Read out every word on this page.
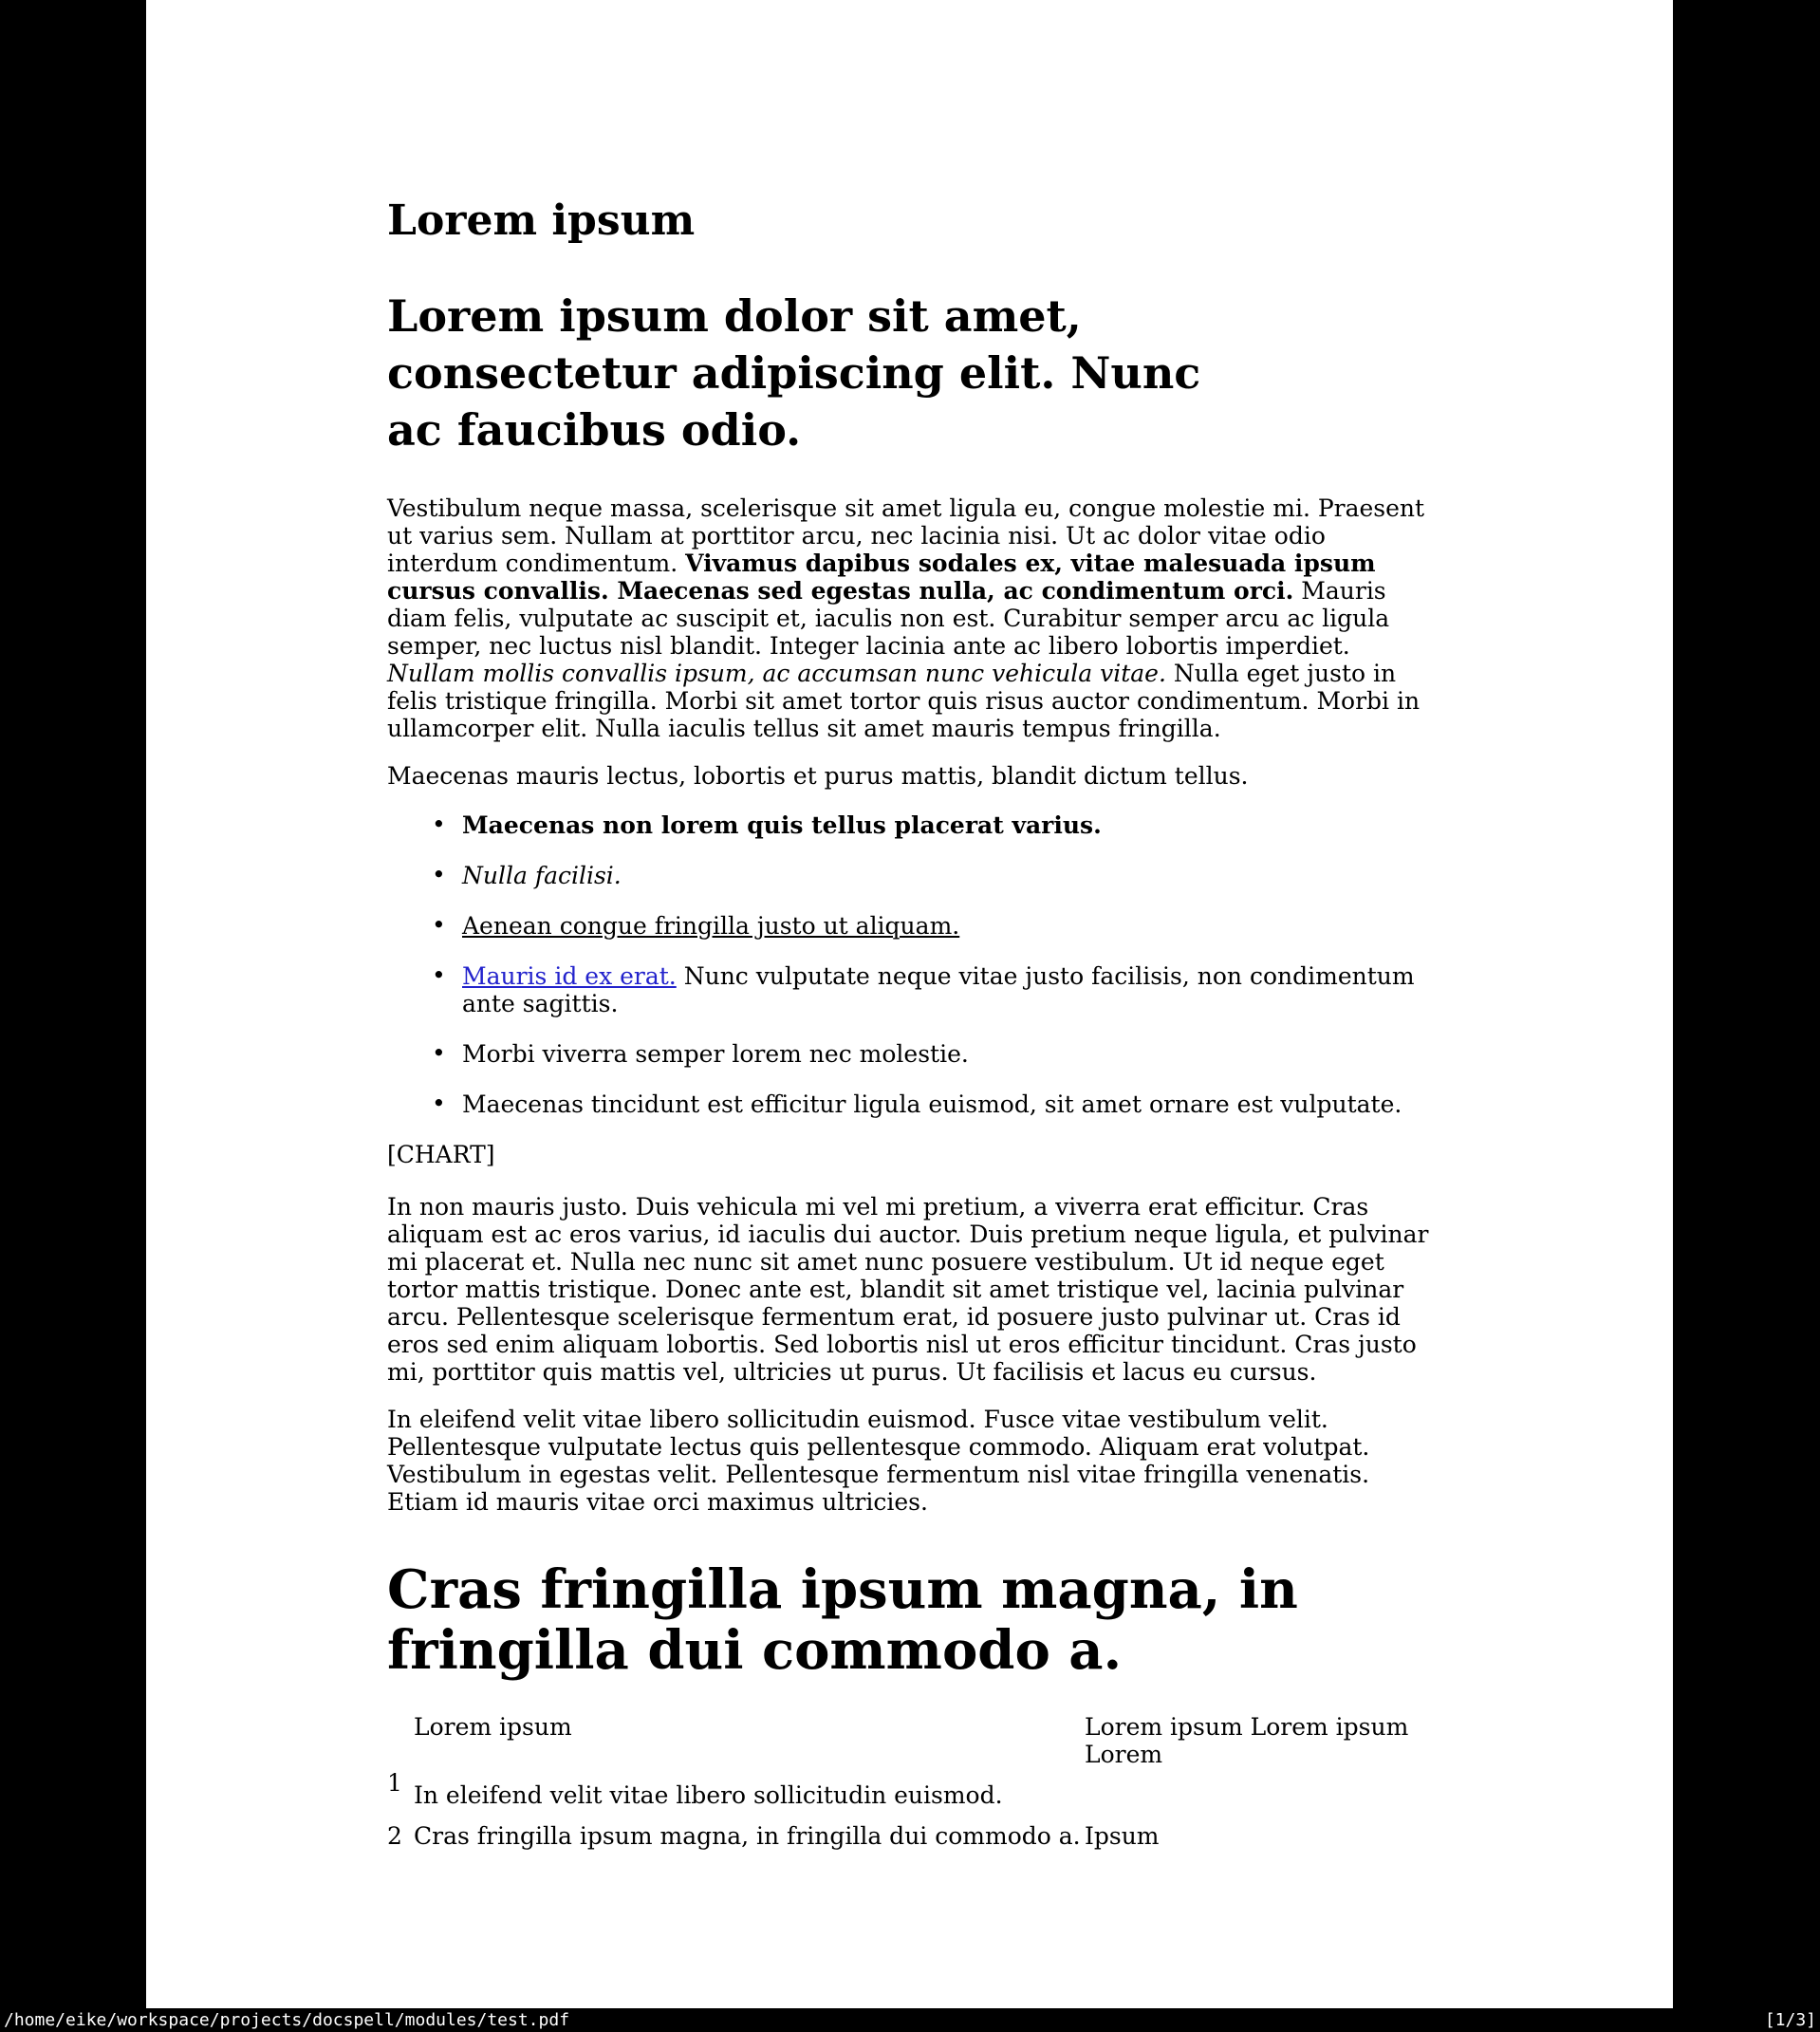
Lorem ipsum
Lorem ipsum dolor sit amet, consectetur adipiscing elit. Nunc ac faucibus odio.

Vestibulum neque massa, scelerisque sit amet ligula eu, congue molestie mi. Praesent ut varius sem. Nullam at porttitor arcu, nec lacinia nisi. Ut ac dolor vitae odio interdum condimentum. Vivamus dapibus sodales ex, vitae malesuada ipsum cursus convallis. Maecenas sed egestas nulla, ac condimentum orci. Mauris diam felis, vulputate ac suscipit et, iaculis non est. Curabitur semper arcu ac ligula semper, nec luctus nisl blandit. Integer lacinia ante ac libero lobortis imperdiet. Nullam mollis convallis ipsum, ac accumsan nunc vehicula vitae. Nulla eget justo in felis tristique fringilla. Morbi sit amet tortor quis risus auctor condimentum. Morbi in ullamcorper elit. Nulla iaculis tellus sit amet mauris tempus fringilla.

Maecenas mauris lectus, lobortis et purus mattis, blandit dictum tellus.

• Maecenas non lorem quis tellus placerat varius.
• Nulla facilisi.
• Aenean congue fringilla justo ut aliquam.
• Mauris id ex erat. Nunc vulputate neque vitae justo facilisis, non condimentum ante sagittis.
• Morbi viverra semper lorem nec molestie.
• Maecenas tincidunt est efficitur ligula euismod, sit amet ornare est vulputate.

[CHART]

In non mauris justo. Duis vehicula mi vel mi pretium, a viverra erat efficitur. Cras aliquam est ac eros varius, id iaculis dui auctor. Duis pretium neque ligula, et pulvinar mi placerat et. Nulla nec nunc sit amet nunc posuere vestibulum. Ut id neque eget tortor mattis tristique. Donec ante est, blandit sit amet tristique vel, lacinia pulvinar arcu. Pellentesque scelerisque fermentum erat, id posuere justo pulvinar ut. Cras id eros sed enim aliquam lobortis. Sed lobortis nisl ut eros efficitur tincidunt. Cras justo mi, porttitor quis mattis vel, ultricies ut purus. Ut facilisis et lacus eu cursus.

In eleifend velit vitae libero sollicitudin euismod. Fusce vitae vestibulum velit. Pellentesque vulputate lectus quis pellentesque commodo. Aliquam erat volutpat. Vestibulum in egestas velit. Pellentesque fermentum nisl vitae fringilla venenatis. Etiam id mauris vitae orci maximus ultricies.

Cras fringilla ipsum magna, in fringilla dui commodo a.
Lorem ipsum	Lorem ipsum Lorem ipsum Lorem
1 In eleifend velit vitae libero sollicitudin euismod.
2 Cras fringilla ipsum magna, in fringilla dui commodo a. Ipsum
/home/eike/workspace/projects/docspell/modules/test.pdf	[1/3]
